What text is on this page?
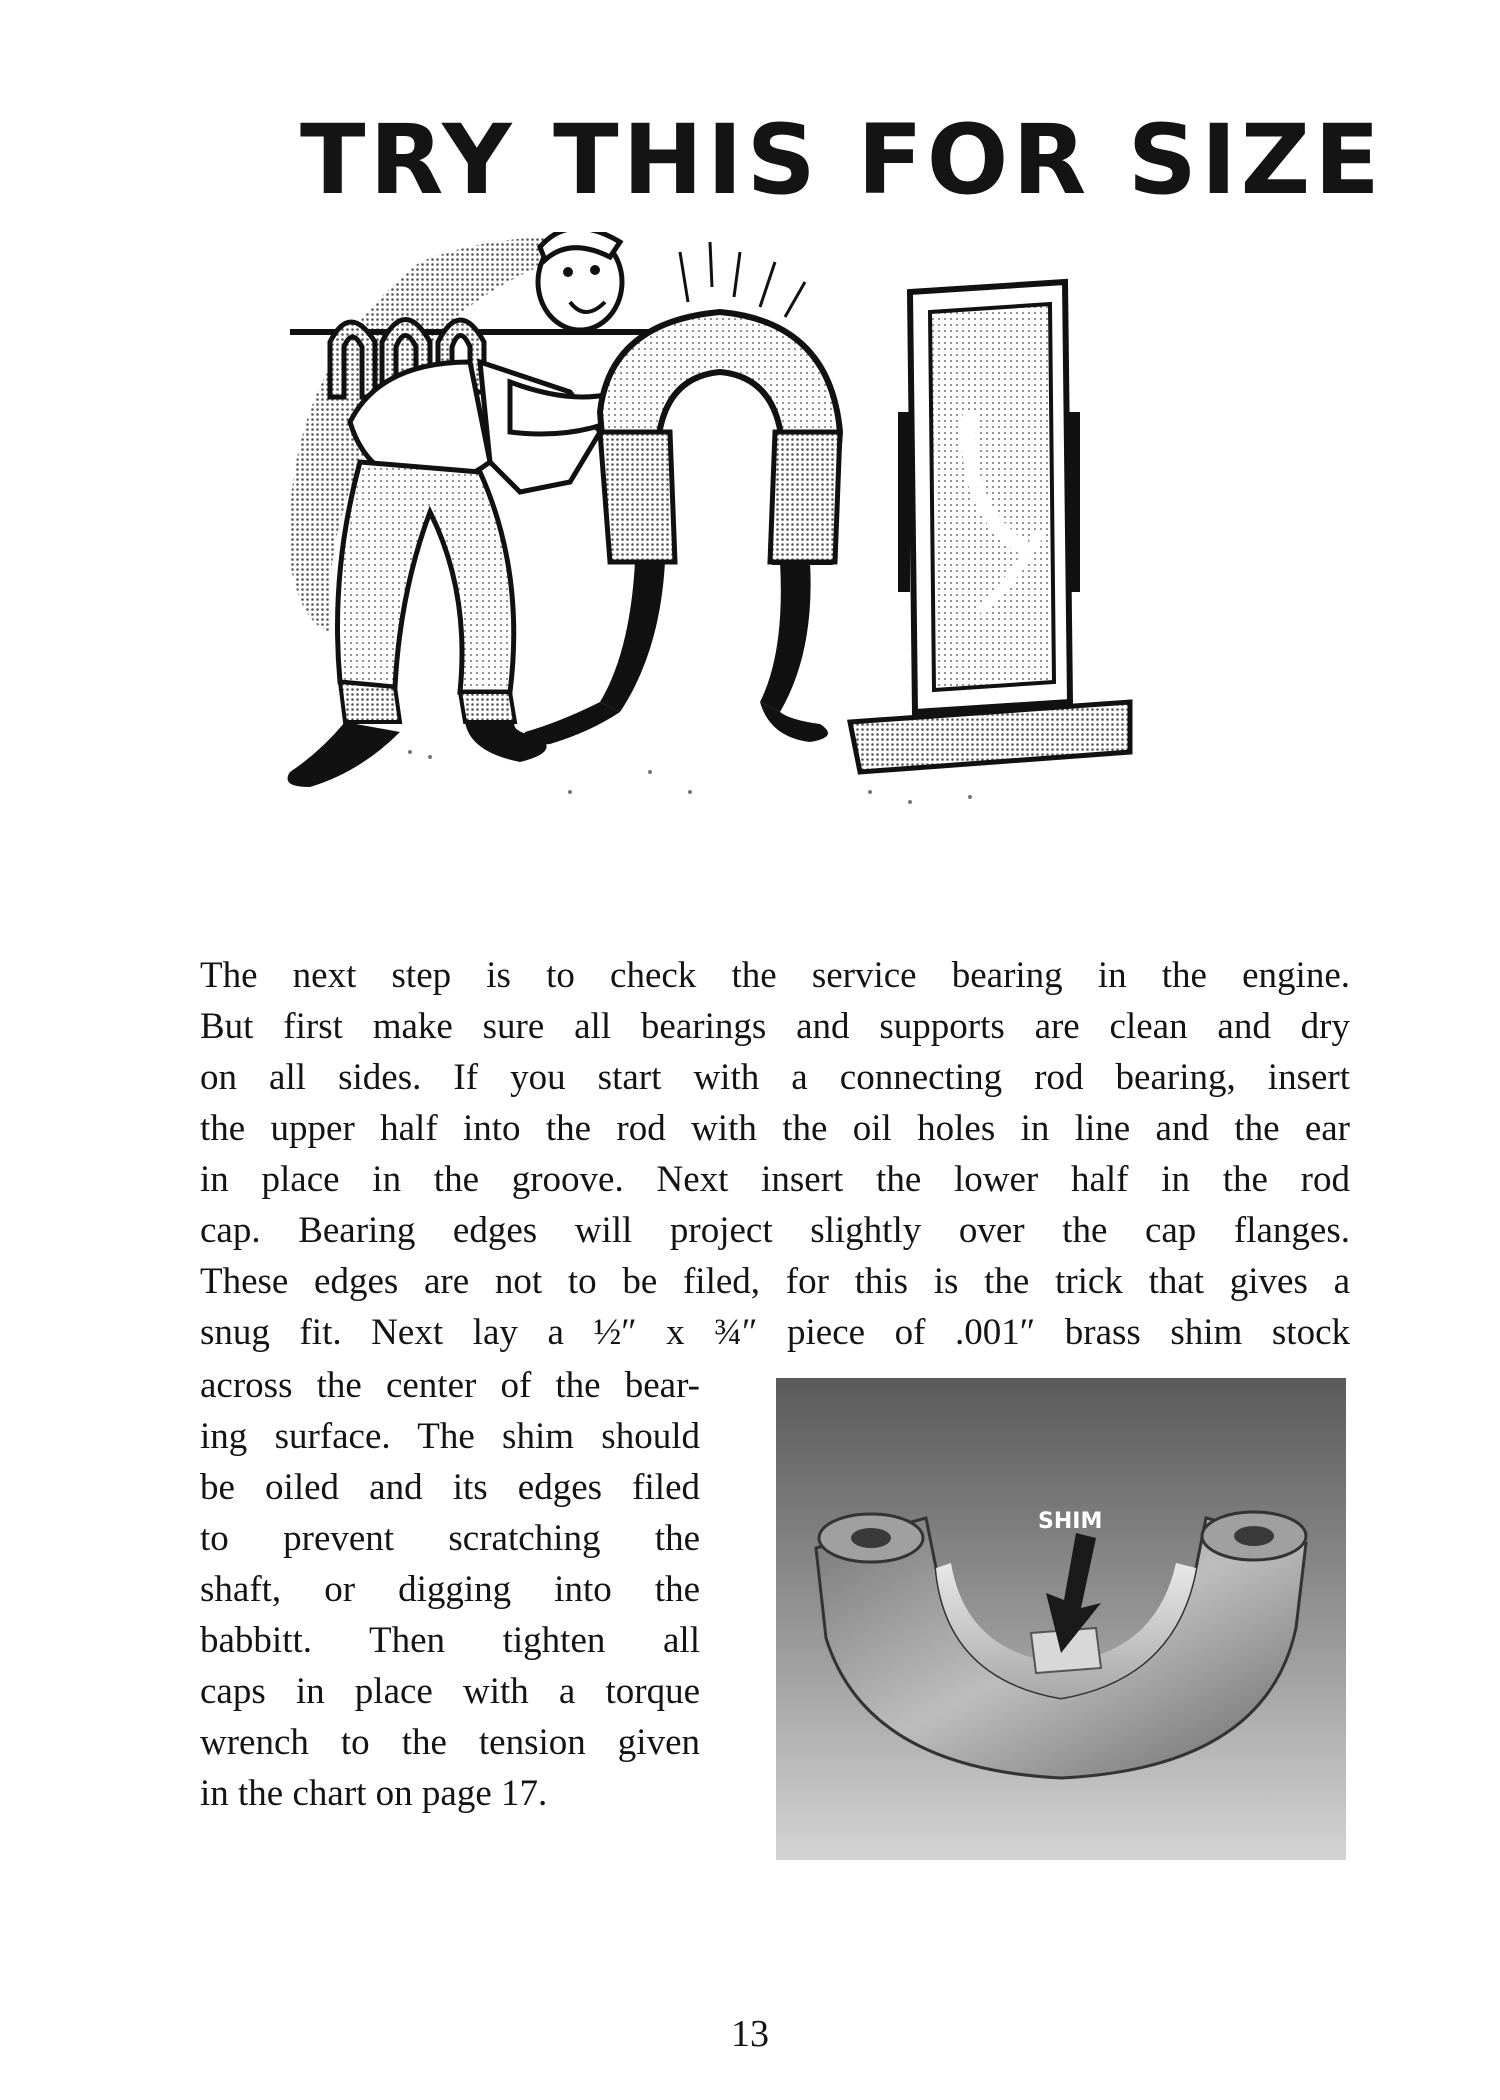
TRY THIS FOR SIZE

The next step is to check the service bearing in the engine.
But first make sure all bearings and supports are clean and dry
on all sides. If you start with a connecting rod bearing, insert
the upper half into the rod with the oil holes in line and the ear
in place in the groove. Next insert the lower half in the rod
cap. Bearing edges will project slightly over the cap flanges.
These edges are not to be filed, for this is the trick that gives a
snug fit. Next lay a ½″ x ¾″ piece of .001″ brass shim stock

across the center of the bear-
ing surface. The shim should
be oiled and its edges filed
to prevent scratching the
shaft, or digging into the
babbitt. Then tighten all
caps in place with a torque
wrench to the tension given
in the chart on page 17.

SHIM
13
